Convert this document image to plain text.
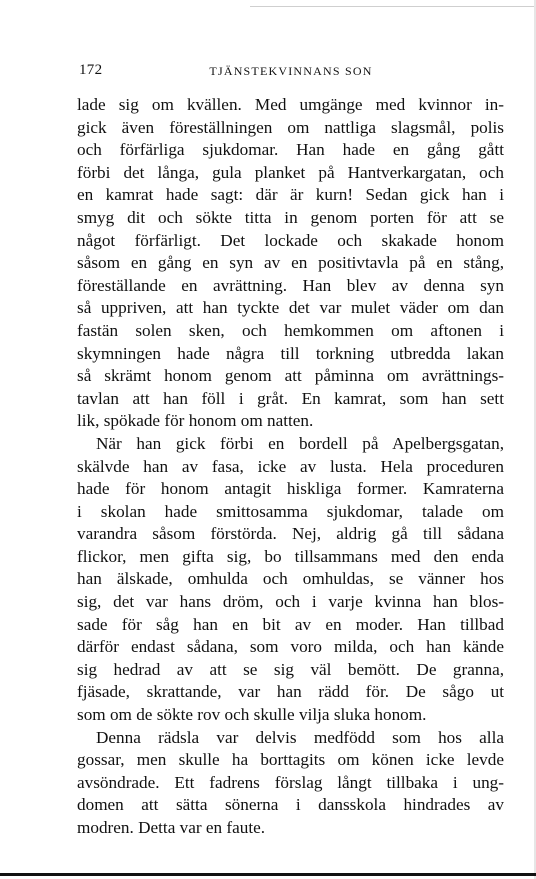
172	TJÄNSTEKVINNANS SON
lade sig om kvällen. Med umgänge med kvinnor in-
gick även föreställningen om nattliga slagsmål, polis
och förfärliga sjukdomar. Han hade en gång gått
förbi det långa, gula planket på Hantverkargatan, och
en kamrat hade sagt: där är kurn! Sedan gick han i
smyg dit och sökte titta in genom porten för att se
något förfärligt. Det lockade och skakade honom
såsom en gång en syn av en positivtavla på en stång,
föreställande en avrättning. Han blev av denna syn
så uppriven, att han tyckte det var mulet väder om dan
fastän solen sken, och hemkommen om aftonen i
skymningen hade några till torkning utbredda lakan
så skrämt honom genom att påminna om avrättnings-
tavlan att han föll i gråt. En kamrat, som han sett
lik, spökade för honom om natten.
När han gick förbi en bordell på Apelbergsgatan,
skälvde han av fasa, icke av lusta. Hela proceduren
hade för honom antagit hiskliga former. Kamraterna
i skolan hade smittosamma sjukdomar, talade om
varandra såsom förstörda. Nej, aldrig gå till sådana
flickor, men gifta sig, bo tillsammans med den enda
han älskade, omhulda och omhuldas, se vänner hos
sig, det var hans dröm, och i varje kvinna han blos-
sade för såg han en bit av en moder. Han tillbad
därför endast sådana, som voro milda, och han kände
sig hedrad av att se sig väl bemött. De granna,
fjäsade, skrattande, var han rädd för. De sågo ut
som om de sökte rov och skulle vilja sluka honom.
Denna rädsla var delvis medfödd som hos alla
gossar, men skulle ha borttagits om könen icke levde
avsöndrade. Ett fadrens förslag långt tillbaka i ung-
domen att sätta sönerna i dansskola hindrades av
modren. Detta var en faute.
